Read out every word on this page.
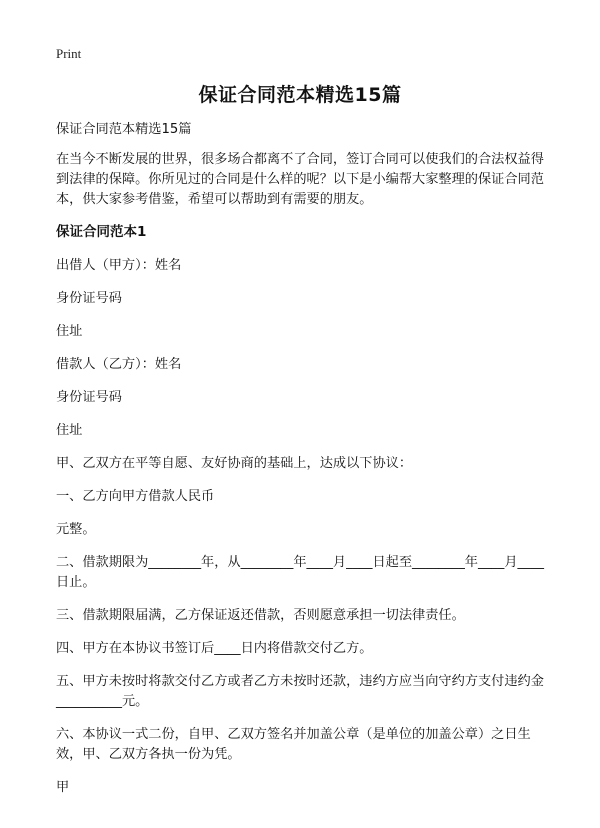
Print
保证合同范本精选15篇
保证合同范本精选15篇
在当今不断发展的世界，很多场合都离不了合同，签订合同可以使我们的合法权益得到法律的保障。你所见过的合同是什么样的呢？以下是小编帮大家整理的保证合同范本，供大家参考借鉴，希望可以帮助到有需要的朋友。
保证合同范本1
出借人（甲方）：姓名
身份证号码
住址
借款人（乙方）：姓名
身份证号码
住址
甲、乙双方在平等自愿、友好协商的基础上，达成以下协议：
一、乙方向甲方借款人民币
元整。
二、借款期限为________年，从________年____月____日起至________年____月____日止。
三、借款期限届满，乙方保证返还借款，否则愿意承担一切法律责任。
四、甲方在本协议书签订后____日内将借款交付乙方。
五、甲方未按时将款交付乙方或者乙方未按时还款，违约方应当向守约方支付违约金__________元。
六、本协议一式二份，自甲、乙双方签名并加盖公章（是单位的加盖公章）之日生效，甲、乙双方各执一份为凭。
甲
